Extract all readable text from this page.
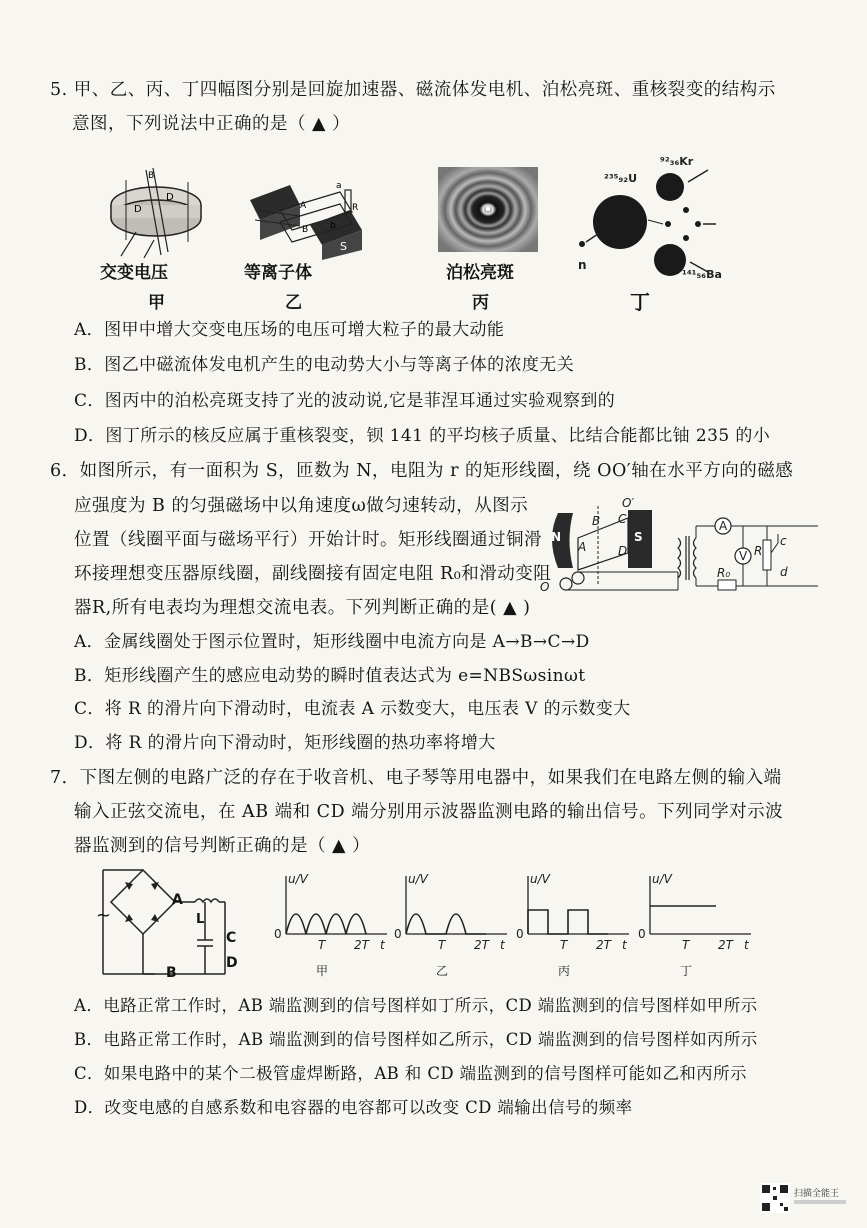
5. 甲、乙、丙、丁四幅图分别是回旋加速器、磁流体发电机、泊松亮斑、重核裂变的结构示
意图，下列说法中正确的是（ ▲ ）
D
D
B
交变电压
甲
a
R
b
S
A
B
等离子体
乙
泊松亮斑
丙
²³⁵₉₂U
⁹²₃₆Kr
¹⁴¹₅₆Ba
n
丁
A．图甲中增大交变电压场的电压可增大粒子的最大动能
B．图乙中磁流体发电机产生的电动势大小与等离子体的浓度无关
C．图丙中的泊松亮斑支持了光的波动说,它是菲涅耳通过实验观察到的
D．图丁所示的核反应属于重核裂变，钡 141 的平均核子质量、比结合能都比铀 235 的小
6．如图所示，有一面积为 S，匝数为 N，电阻为 r 的矩形线圈，绕 OO′轴在水平方向的磁感
应强度为 B 的匀强磁场中以角速度ω做匀速转动，从图示
位置（线圈平面与磁场平行）开始计时。矩形线圈通过铜滑
环接理想变压器原线圈，副线圈接有固定电阻 R₀和滑动变阻
器R,所有电表均为理想交流电表。下列判断正确的是( ▲ )
N	S
O′
O
B
A
C
D
A
V R
R₀
c
d
A．金属线圈处于图示位置时，矩形线圈中电流方向是 A→B→C→D
B．矩形线圈产生的感应电动势的瞬时值表达式为 e=NBSωsinωt
C．将 R 的滑片向下滑动时，电流表 A 示数变大，电压表 V 的示数变大
D．将 R 的滑片向下滑动时，矩形线圈的热功率将增大
7．下图左侧的电路广泛的存在于收音机、电子琴等用电器中，如果我们在电路左侧的输入端
输入正弦交流电，在 AB 端和 CD 端分别用示波器监测电路的输出信号。下列同学对示波
器监测到的信号判断正确的是（ ▲ ）
~
A
B
C
D
L
u/V
0
T 2T t
甲
u/V
0
T 2T t
乙
u/V
0
T 2T t
丙
u/V
0
T 2T t
丁
A．电路正常工作时，AB 端监测到的信号图样如丁所示，CD 端监测到的信号图样如甲所示
B．电路正常工作时，AB 端监测到的信号图样如乙所示，CD 端监测到的信号图样如丙所示
C．如果电路中的某个二极管虚焊断路，AB 和 CD 端监测到的信号图样可能如乙和丙所示
D．改变电感的自感系数和电容器的电容都可以改变 CD 端输出信号的频率
扫描全能王
